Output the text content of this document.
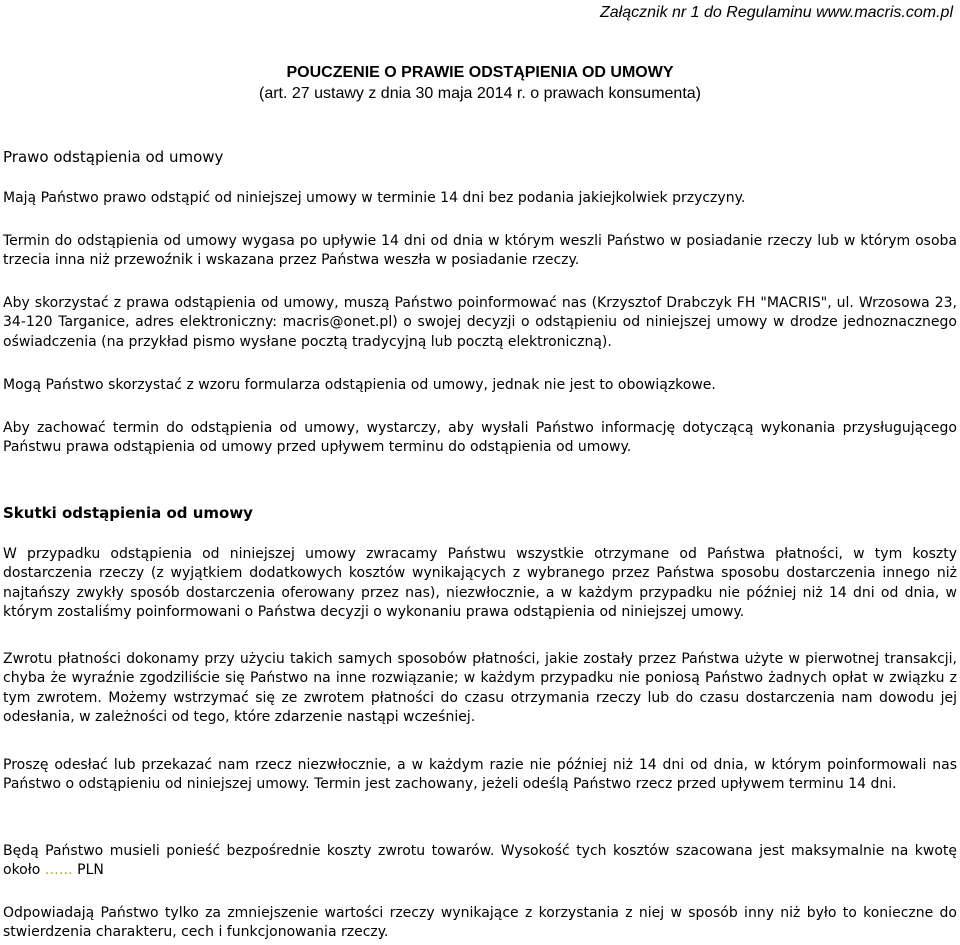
Załącznik nr 1 do Regulaminu www.macris.com.pl
POUCZENIE O PRAWIE ODSTĄPIENIA OD UMOWY
(art. 27 ustawy z dnia 30 maja 2014 r. o prawach konsumenta)
Prawo odstąpienia od umowy

Mają Państwo prawo odstąpić od niniejszej umowy w terminie 14 dni bez podania jakiejkolwiek przyczyny.

Termin do odstąpienia od umowy wygasa po upływie 14 dni od dnia w którym weszli Państwo w posiadanie rzeczy lub w którym osoba trzecia inna niż przewoźnik i wskazana przez Państwa weszła w posiadanie rzeczy.

Aby skorzystać z prawa odstąpienia od umowy, muszą Państwo poinformować nas (Krzysztof Drabczyk FH "MACRIS", ul. Wrzosowa 23, 34-120 Targanice, adres elektroniczny: macris@onet.pl) o swojej decyzji o odstąpieniu od niniejszej umowy w drodze jednoznacznego oświadczenia (na przykład pismo wysłane pocztą tradycyjną lub pocztą elektroniczną).

Mogą Państwo skorzystać z wzoru formularza odstąpienia od umowy, jednak nie jest to obowiązkowe.

Aby zachować termin do odstąpienia od umowy, wystarczy, aby wysłali Państwo informację dotyczącą wykonania przysługującego Państwu prawa odstąpienia od umowy przed upływem terminu do odstąpienia od umowy.

Skutki odstąpienia od umowy

W przypadku odstąpienia od niniejszej umowy zwracamy Państwu wszystkie otrzymane od Państwa płatności, w tym koszty dostarczenia rzeczy (z wyjątkiem dodatkowych kosztów wynikających z wybranego przez Państwa sposobu dostarczenia innego niż najtańszy zwykły sposób dostarczenia oferowany przez nas), niezwłocznie, a w każdym przypadku nie później niż 14 dni od dnia, w którym zostaliśmy poinformowani o Państwa decyzji o wykonaniu prawa odstąpienia od niniejszej umowy.

Zwrotu płatności dokonamy przy użyciu takich samych sposobów płatności, jakie zostały przez Państwa użyte w pierwotnej transakcji, chyba że wyraźnie zgodziliście się Państwo na inne rozwiązanie; w każdym przypadku nie poniosą Państwo żadnych opłat w związku z tym zwrotem. Możemy wstrzymać się ze zwrotem płatności do czasu otrzymania rzeczy lub do czasu dostarczenia nam dowodu jej odesłania, w zależności od tego, które zdarzenie nastąpi wcześniej.

Proszę odesłać lub przekazać nam rzecz niezwłocznie, a w każdym razie nie później niż 14 dni od dnia, w którym poinformowali nas Państwo o odstąpieniu od niniejszej umowy. Termin jest zachowany, jeżeli odeślą Państwo rzecz przed upływem terminu 14 dni.

Będą Państwo musieli ponieść bezpośrednie koszty zwrotu towarów. Wysokość tych kosztów szacowana jest maksymalnie na kwotę około …… PLN

Odpowiadają Państwo tylko za zmniejszenie wartości rzeczy wynikające z korzystania z niej w sposób inny niż było to konieczne do stwierdzenia charakteru, cech i funkcjonowania rzeczy.
